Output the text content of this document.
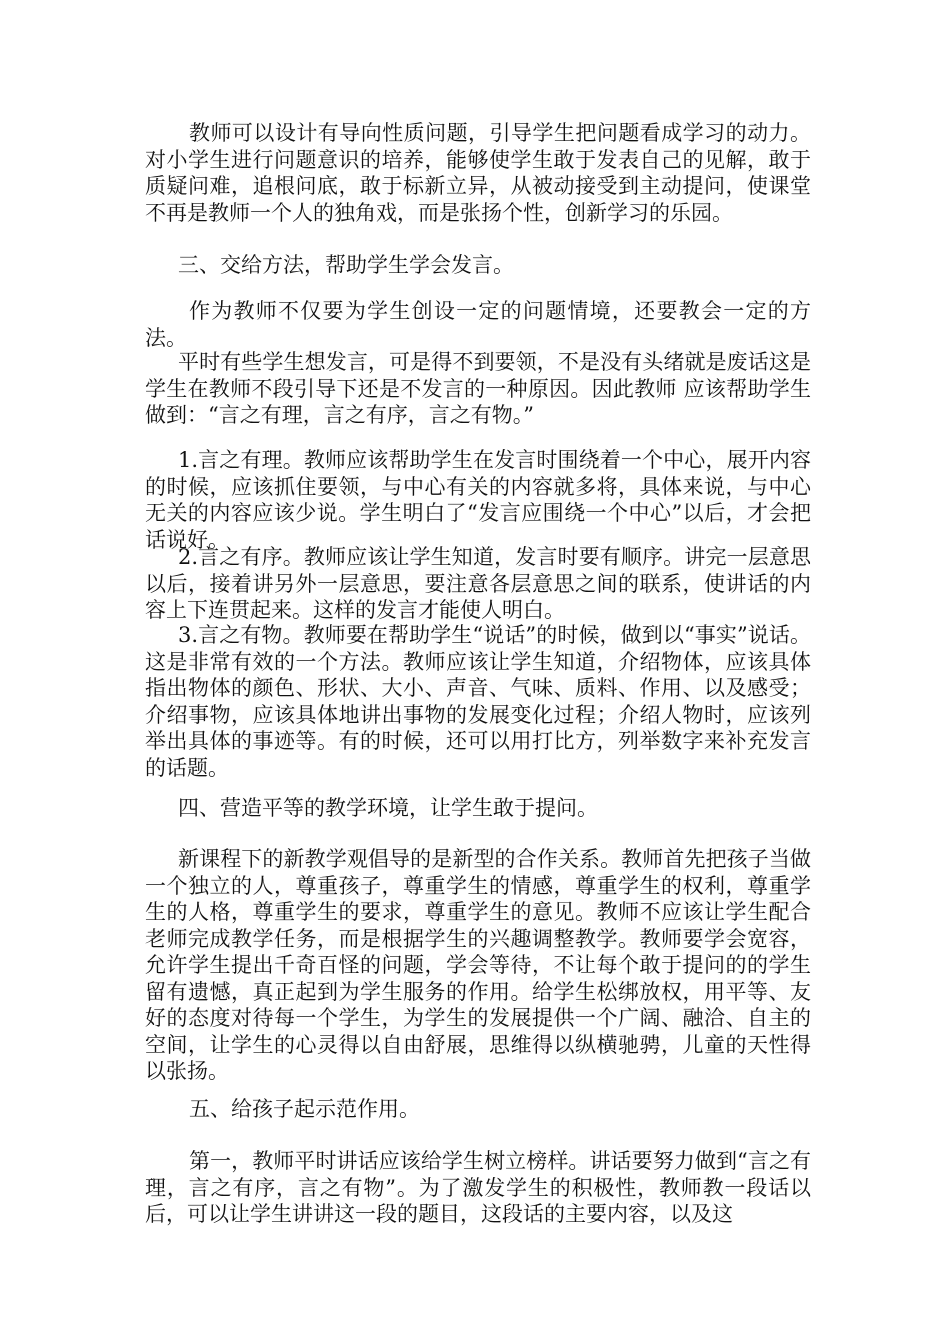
教师可以设计有导向性质问题，引导学生把问题看成学习的动力。对小学生进行问题意识的培养，能够使学生敢于发表自己的见解，敢于质疑问难，追根问底，敢于标新立异，从被动接受到主动提问，使课堂不再是教师一个人的独角戏，而是张扬个性，创新学习的乐园。

三、交给方法，帮助学生学会发言。

作为教师不仅要为学生创设一定的问题情境，还要教会一定的方法。

平时有些学生想发言，可是得不到要领，不是没有头绪就是废话这是学生在教师不段引导下还是不发言的一种原因。因此教师 应该帮助学生做到：“言之有理，言之有序，言之有物。”

1.言之有理。教师应该帮助学生在发言时围绕着一个中心，展开内容的时候，应该抓住要领，与中心有关的内容就多将，具体来说，与中心无关的内容应该少说。学生明白了“发言应围绕一个中心”以后，才会把话说好。

2.言之有序。教师应该让学生知道，发言时要有顺序。讲完一层意思以后，接着讲另外一层意思，要注意各层意思之间的联系，使讲话的内容上下连贯起来。这样的发言才能使人明白。

3.言之有物。教师要在帮助学生“说话”的时候，做到以“事实”说话。这是非常有效的一个方法。教师应该让学生知道，介绍物体，应该具体指出物体的颜色、形状、大小、声音、气味、质料、作用、以及感受；介绍事物，应该具体地讲出事物的发展变化过程；介绍人物时，应该列举出具体的事迹等。有的时候，还可以用打比方，列举数字来补充发言的话题。

四、营造平等的教学环境，让学生敢于提问。

新课程下的新教学观倡导的是新型的合作关系。教师首先把孩子当做一个独立的人，尊重孩子，尊重学生的情感，尊重学生的权利，尊重学生的人格，尊重学生的要求，尊重学生的意见。教师不应该让学生配合老师完成教学任务，而是根据学生的兴趣调整教学。教师要学会宽容，允许学生提出千奇百怪的问题，学会等待，不让每个敢于提问的的学生留有遗憾，真正起到为学生服务的作用。给学生松绑放权，用平等、友好的态度对待每一个学生，为学生的发展提供一个广阔、融洽、自主的空间，让学生的心灵得以自由舒展，思维得以纵横驰骋，儿童的天性得以张扬。

五、给孩子起示范作用。

第一，教师平时讲话应该给学生树立榜样。讲话要努力做到“言之有理，言之有序，言之有物”。为了激发学生的积极性，教师教一段话以后，可以让学生讲讲这一段的题目，这段话的主要内容，以及这
